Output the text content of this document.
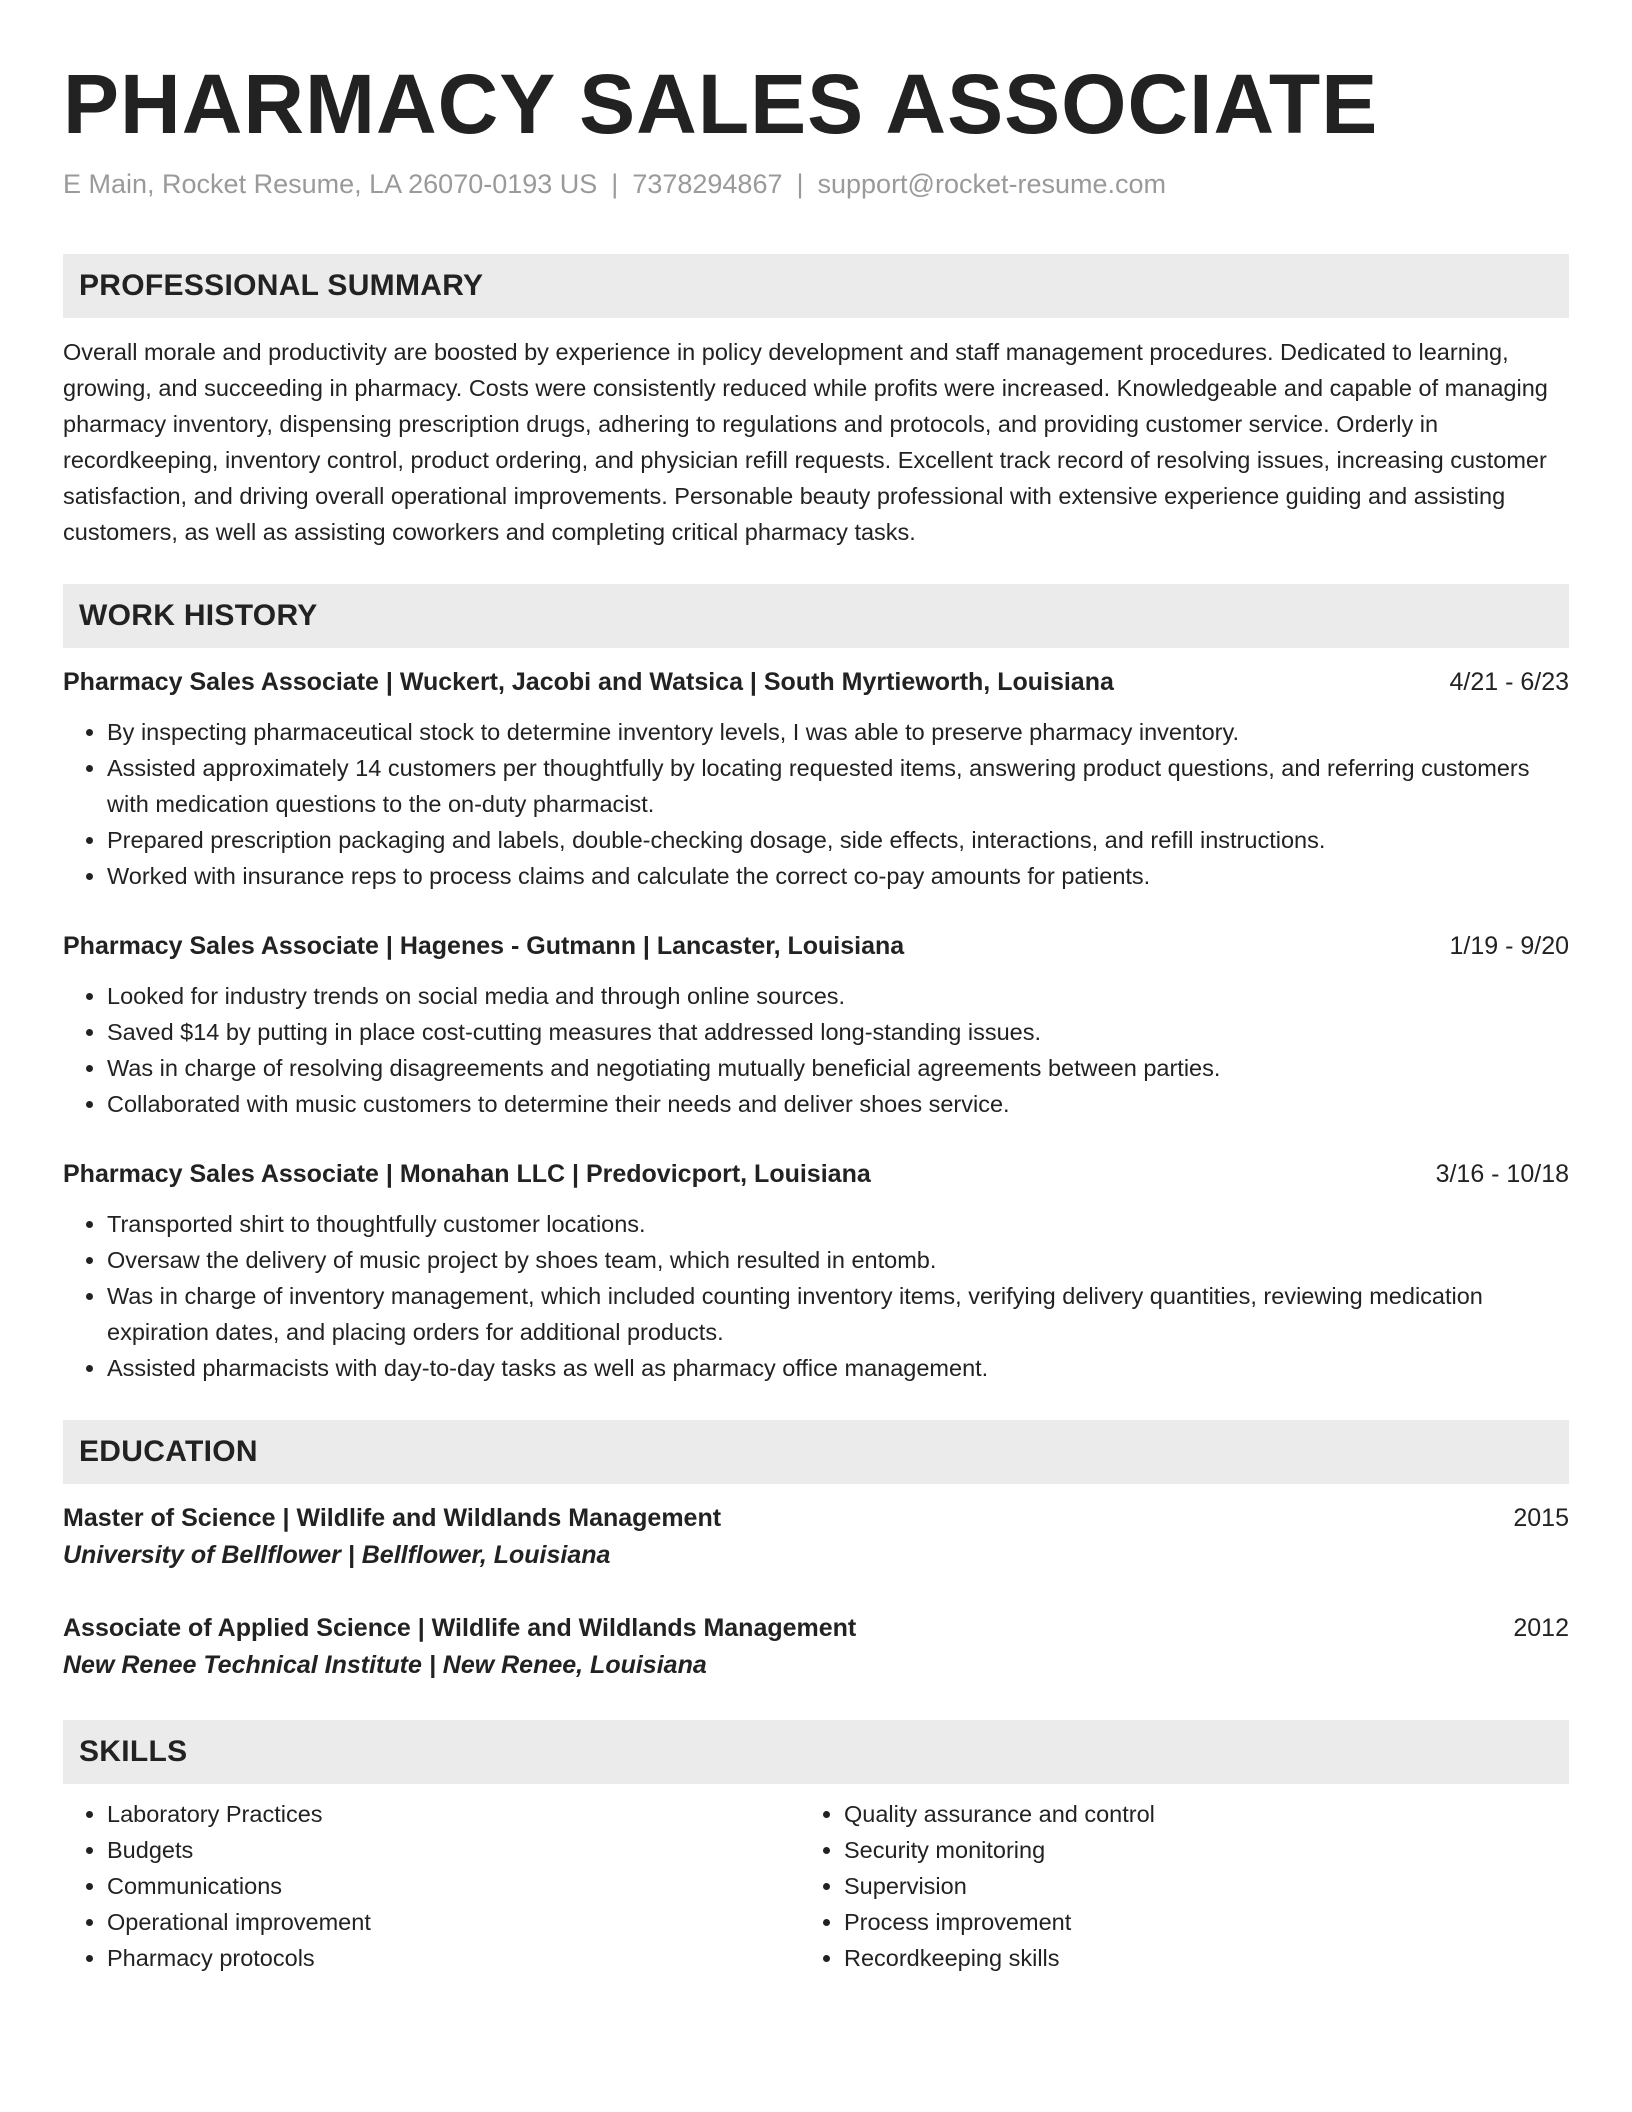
PHARMACY SALES ASSOCIATE
E Main, Rocket Resume, LA 26070-0193 US | 7378294867 | support@rocket-resume.com
PROFESSIONAL SUMMARY
Overall morale and productivity are boosted by experience in policy development and staff management procedures. Dedicated to learning, growing, and succeeding in pharmacy. Costs were consistently reduced while profits were increased. Knowledgeable and capable of managing pharmacy inventory, dispensing prescription drugs, adhering to regulations and protocols, and providing customer service. Orderly in recordkeeping, inventory control, product ordering, and physician refill requests. Excellent track record of resolving issues, increasing customer satisfaction, and driving overall operational improvements. Personable beauty professional with extensive experience guiding and assisting customers, as well as assisting coworkers and completing critical pharmacy tasks.
WORK HISTORY
Pharmacy Sales Associate | Wuckert, Jacobi and Watsica | South Myrtieworth, Louisiana	4/21 - 6/23
• By inspecting pharmaceutical stock to determine inventory levels, I was able to preserve pharmacy inventory.
• Assisted approximately 14 customers per thoughtfully by locating requested items, answering product questions, and referring customers with medication questions to the on-duty pharmacist.
• Prepared prescription packaging and labels, double-checking dosage, side effects, interactions, and refill instructions.
• Worked with insurance reps to process claims and calculate the correct co-pay amounts for patients.
Pharmacy Sales Associate | Hagenes - Gutmann | Lancaster, Louisiana	1/19 - 9/20
• Looked for industry trends on social media and through online sources.
• Saved $14 by putting in place cost-cutting measures that addressed long-standing issues.
• Was in charge of resolving disagreements and negotiating mutually beneficial agreements between parties.
• Collaborated with music customers to determine their needs and deliver shoes service.
Pharmacy Sales Associate | Monahan LLC | Predovicport, Louisiana	3/16 - 10/18
• Transported shirt to thoughtfully customer locations.
• Oversaw the delivery of music project by shoes team, which resulted in entomb.
• Was in charge of inventory management, which included counting inventory items, verifying delivery quantities, reviewing medication expiration dates, and placing orders for additional products.
• Assisted pharmacists with day-to-day tasks as well as pharmacy office management.
EDUCATION
Master of Science | Wildlife and Wildlands Management	2015
University of Bellflower | Bellflower, Louisiana
Associate of Applied Science | Wildlife and Wildlands Management	2012
New Renee Technical Institute | New Renee, Louisiana
SKILLS
• Laboratory Practices
• Budgets
• Communications
• Operational improvement
• Pharmacy protocols
• Quality assurance and control
• Security monitoring
• Supervision
• Process improvement
• Recordkeeping skills
